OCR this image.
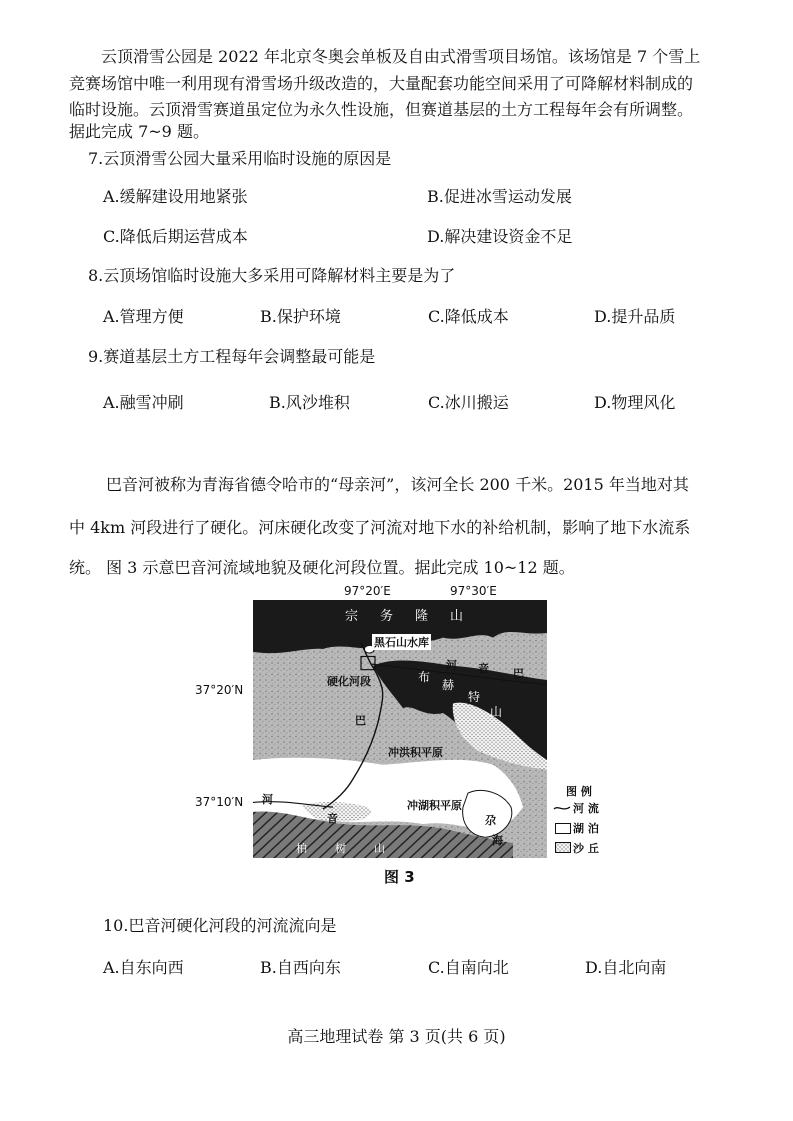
云顶滑雪公园是 2022 年北京冬奥会单板及自由式滑雪项目场馆。该场馆是 7 个雪上
竞赛场馆中唯一利用现有滑雪场升级改造的，大量配套功能空间采用了可降解材料制成的
临时设施。云顶滑雪赛道虽定位为永久性设施，但赛道基层的土方工程每年会有所调整。
据此完成 7~9 题。
7.云顶滑雪公园大量采用临时设施的原因是
A.缓解建设用地紧张	B.促进冰雪运动发展
C.降低后期运营成本	D.解决建设资金不足
8.云顶场馆临时设施大多采用可降解材料主要是为了
A.管理方便	B.保护环境	C.降低成本	D.提升品质
9.赛道基层土方工程每年会调整最可能是
A.融雪冲刷	B.风沙堆积	C.冰川搬运	D.物理风化
巴音河被称为青海省德令哈市的“母亲河”，该河全长 200 千米。2015 年当地对其
中 4km 河段进行了硬化。河床硬化改变了河流对地下水的补给机制，影响了地下水流系
统。 图 3 示意巴音河流域地貌及硬化河段位置。据此完成 10~12 题。
97°20′E	97°30′E
37°20′N
37°10′N
宗务隆山
黑石山水库
硬化河段
河 音 巴
布
赫
特
山
巴
冲洪积平原
河
音
冲湖积平原
尕
海
柏树山
图 例
河 流
湖 泊
沙 丘
图 3
10.巴音河硬化河段的河流流向是
A.自东向西	B.自西向东	C.自南向北	D.自北向南
高三地理试卷 第 3 页(共 6 页)
